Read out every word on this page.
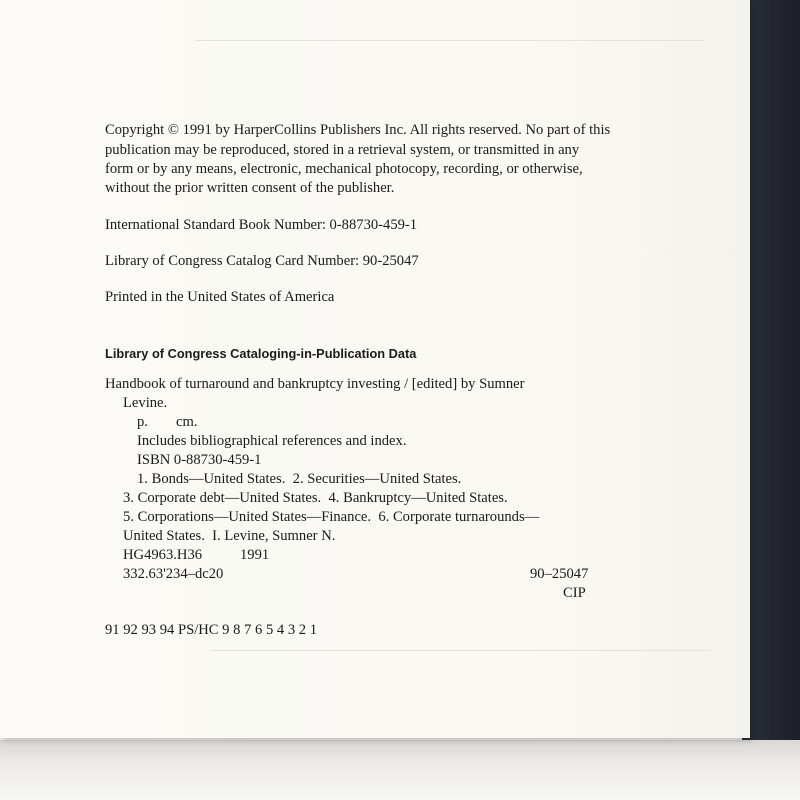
Copyright © 1991 by HarperCollins Publishers Inc. All rights reserved. No part of this
publication may be reproduced, stored in a retrieval system, or transmitted in any
form or by any means, electronic, mechanical photocopy, recording, or otherwise,
without the prior written consent of the publisher.
International Standard Book Number: 0-88730-459-1
Library of Congress Catalog Card Number: 90-25047
Printed in the United States of America
Library of Congress Cataloging-in-Publication Data
Handbook of turnaround and bankruptcy investing / [edited] by Sumner
Levine.
p. cm.
Includes bibliographical references and index.
ISBN 0-88730-459-1
1. Bonds—United States.  2. Securities—United States.
3. Corporate debt—United States.  4. Bankruptcy—United States.
5. Corporations—United States—Finance.  6. Corporate turnarounds—
United States.  I. Levine, Sumner N.
HG4963.H36	1991
332.63'234–dc20	90–25047
CIP
91 92 93 94 PS/HC 9 8 7 6 5 4 3 2 1
